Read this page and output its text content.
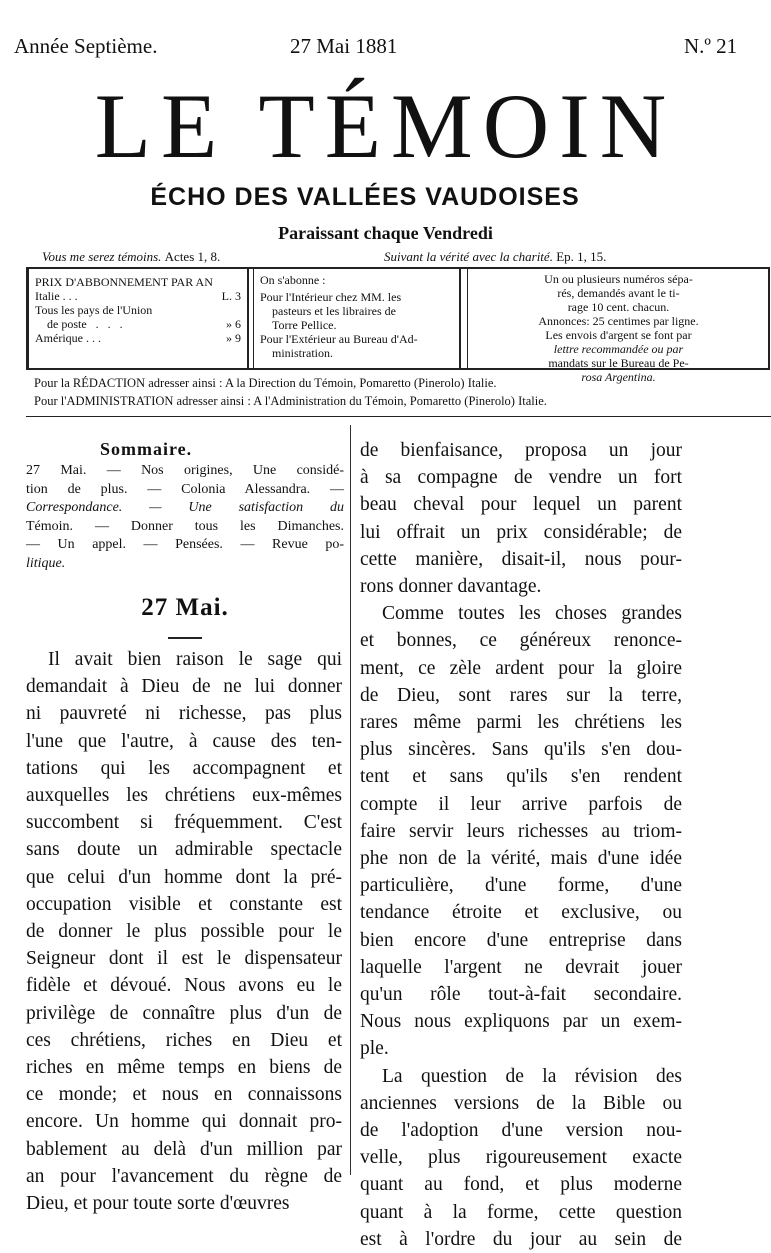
Année Septième.	27 Mai 1881	N.º 21
LE TÉMOIN
ÉCHO DES VALLÉES VAUDOISES
Paraissant chaque Vendredi
Vous me serez témoins. Actes 1, 8.	Suivant la vérité avec la charité. Ep. 1, 15.
PRIX D'ABBONNEMENT PAR AN
Italie . . .	L. 3
Tous les pays de l'Union
de poste   .   .   .	» 6
Amérique . . .	» 9
On s'abonne :
Pour l'Intérieur chez MM. les
pasteurs et les libraires de
Torre Pellice.
Pour l'Extérieur au Bureau d'Ad-
ministration.
Un ou plusieurs numéros sépa-
rés, demandés avant le ti-
rage 10 cent. chacun.
Annonces: 25 centimes par ligne.
Les envois d'argent se font par
lettre recommandée ou par
mandats sur le Bureau de Pe-
rosa Argentina.
Pour la RÉDACTION adresser ainsi : A la Direction du Témoin, Pomaretto (Pinerolo) Italie.
Pour l'ADMINISTRATION adresser ainsi : A l'Administration du Témoin, Pomaretto (Pinerolo) Italie.
Sommaire.
27 Mai. — Nos origines, Une considé-
tion de plus. — Colonia Alessandra. —
Correspondance. — Une satisfaction du
Témoin. — Donner tous les Dimanches.
— Un appel. — Pensées. — Revue po-
litique.
27 Mai.
Il avait bien raison le sage qui
demandait à Dieu de ne lui donner
ni pauvreté ni richesse, pas plus
l'une que l'autre, à cause des ten-
tations qui les accompagnent et
auxquelles les chrétiens eux-mêmes
succombent si fréquemment. C'est
sans doute un admirable spectacle
que celui d'un homme dont la pré-
occupation visible et constante est
de donner le plus possible pour le
Seigneur dont il est le dispensateur
fidèle et dévoué. Nous avons eu le
privilège de connaître plus d'un de
ces chrétiens, riches en Dieu et
riches en même temps en biens de
ce monde; et nous en connaissons
encore. Un homme qui donnait pro-
bablement au delà d'un million par
an pour l'avancement du règne de
Dieu, et pour toute sorte d'œuvres
de bienfaisance, proposa un jour
à sa compagne de vendre un fort
beau cheval pour lequel un parent
lui offrait un prix considérable; de
cette manière, disait-il, nous pour-
rons donner davantage.
Comme toutes les choses grandes
et bonnes, ce généreux renonce-
ment, ce zèle ardent pour la gloire
de Dieu, sont rares sur la terre,
rares même parmi les chrétiens les
plus sincères. Sans qu'ils s'en dou-
tent et sans qu'ils s'en rendent
compte il leur arrive parfois de
faire servir leurs richesses au triom-
phe non de la vérité, mais d'une idée
particulière, d'une forme, d'une
tendance étroite et exclusive, ou
bien encore d'une entreprise dans
laquelle l'argent ne devrait jouer
qu'un rôle tout-à-fait secondaire.
Nous nous expliquons par un exem-
ple.
La question de la révision des
anciennes versions de la Bible ou
de l'adoption d'une version nou-
velle, plus rigoureusement exacte
quant au fond, et plus moderne
quant à la forme, cette question
est à l'ordre du jour au sein de
